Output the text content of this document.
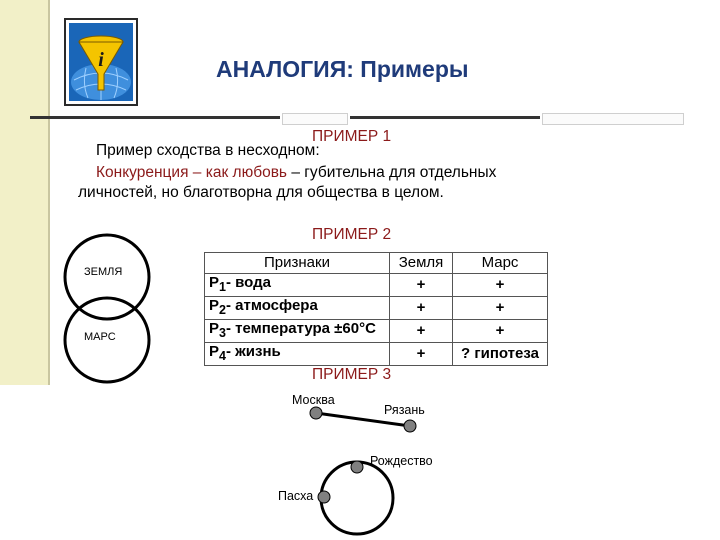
i	АНАЛОГИЯ: Примеры
ПРИМЕР 1
Пример сходства в несходном:
Конкуренция – как любовь – губительна для отдельных
личностей, но благотворна для общества в целом.
ПРИМЕР 2
ЗЕМЛЯ
МАРС
Признаки	Земля	Марс
$P_1-$ вода	+	+
$P_2-$ атмосфера	+	+
$P_3-$ температура ±60°C	+	+
$P_4-$ жизнь	+	? гипотеза
ПРИМЕР 3
Москва
Рязань
Рождество
Пасха
